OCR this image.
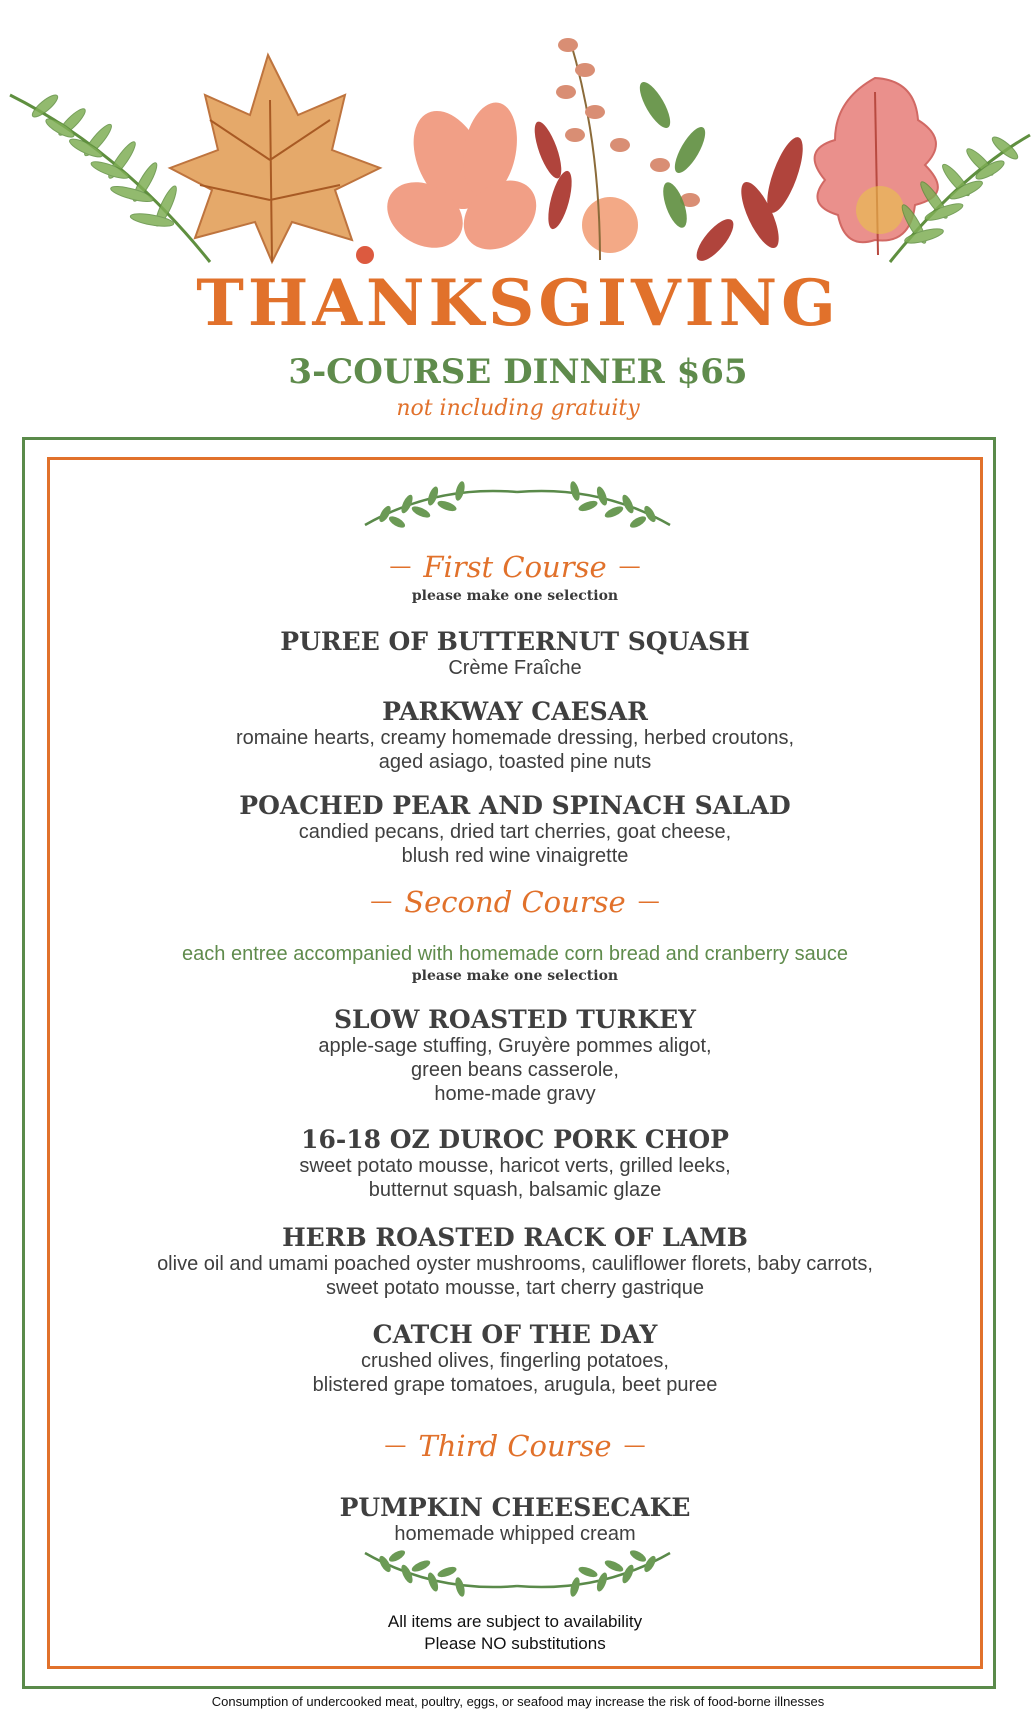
THANKSGIVING
3-COURSE DINNER $65
not including gratuity
— First Course —
please make one selection
PUREE OF BUTTERNUT SQUASH
Crème Fraîche
PARKWAY CAESAR
romaine hearts, creamy homemade dressing, herbed croutons,
aged asiago, toasted pine nuts
POACHED PEAR AND SPINACH SALAD
candied pecans, dried tart cherries, goat cheese,
blush red wine vinaigrette
— Second Course —
each entree accompanied with homemade corn bread and cranberry sauce
please make one selection
SLOW ROASTED TURKEY
apple-sage stuffing, Gruyère pommes aligot,
green beans casserole,
home-made gravy
16-18 OZ DUROC PORK CHOP
sweet potato mousse, haricot verts, grilled leeks,
butternut squash, balsamic glaze
HERB ROASTED RACK OF LAMB
olive oil and umami poached oyster mushrooms, cauliflower florets, baby carrots,
sweet potato mousse, tart cherry gastrique
CATCH OF THE DAY
crushed olives, fingerling potatoes,
blistered grape tomatoes, arugula, beet puree
— Third Course —
PUMPKIN CHEESECAKE
homemade whipped cream
All items are subject to availability
Please NO substitutions
Consumption of undercooked meat, poultry, eggs, or seafood may increase the risk of food-borne illnesses
